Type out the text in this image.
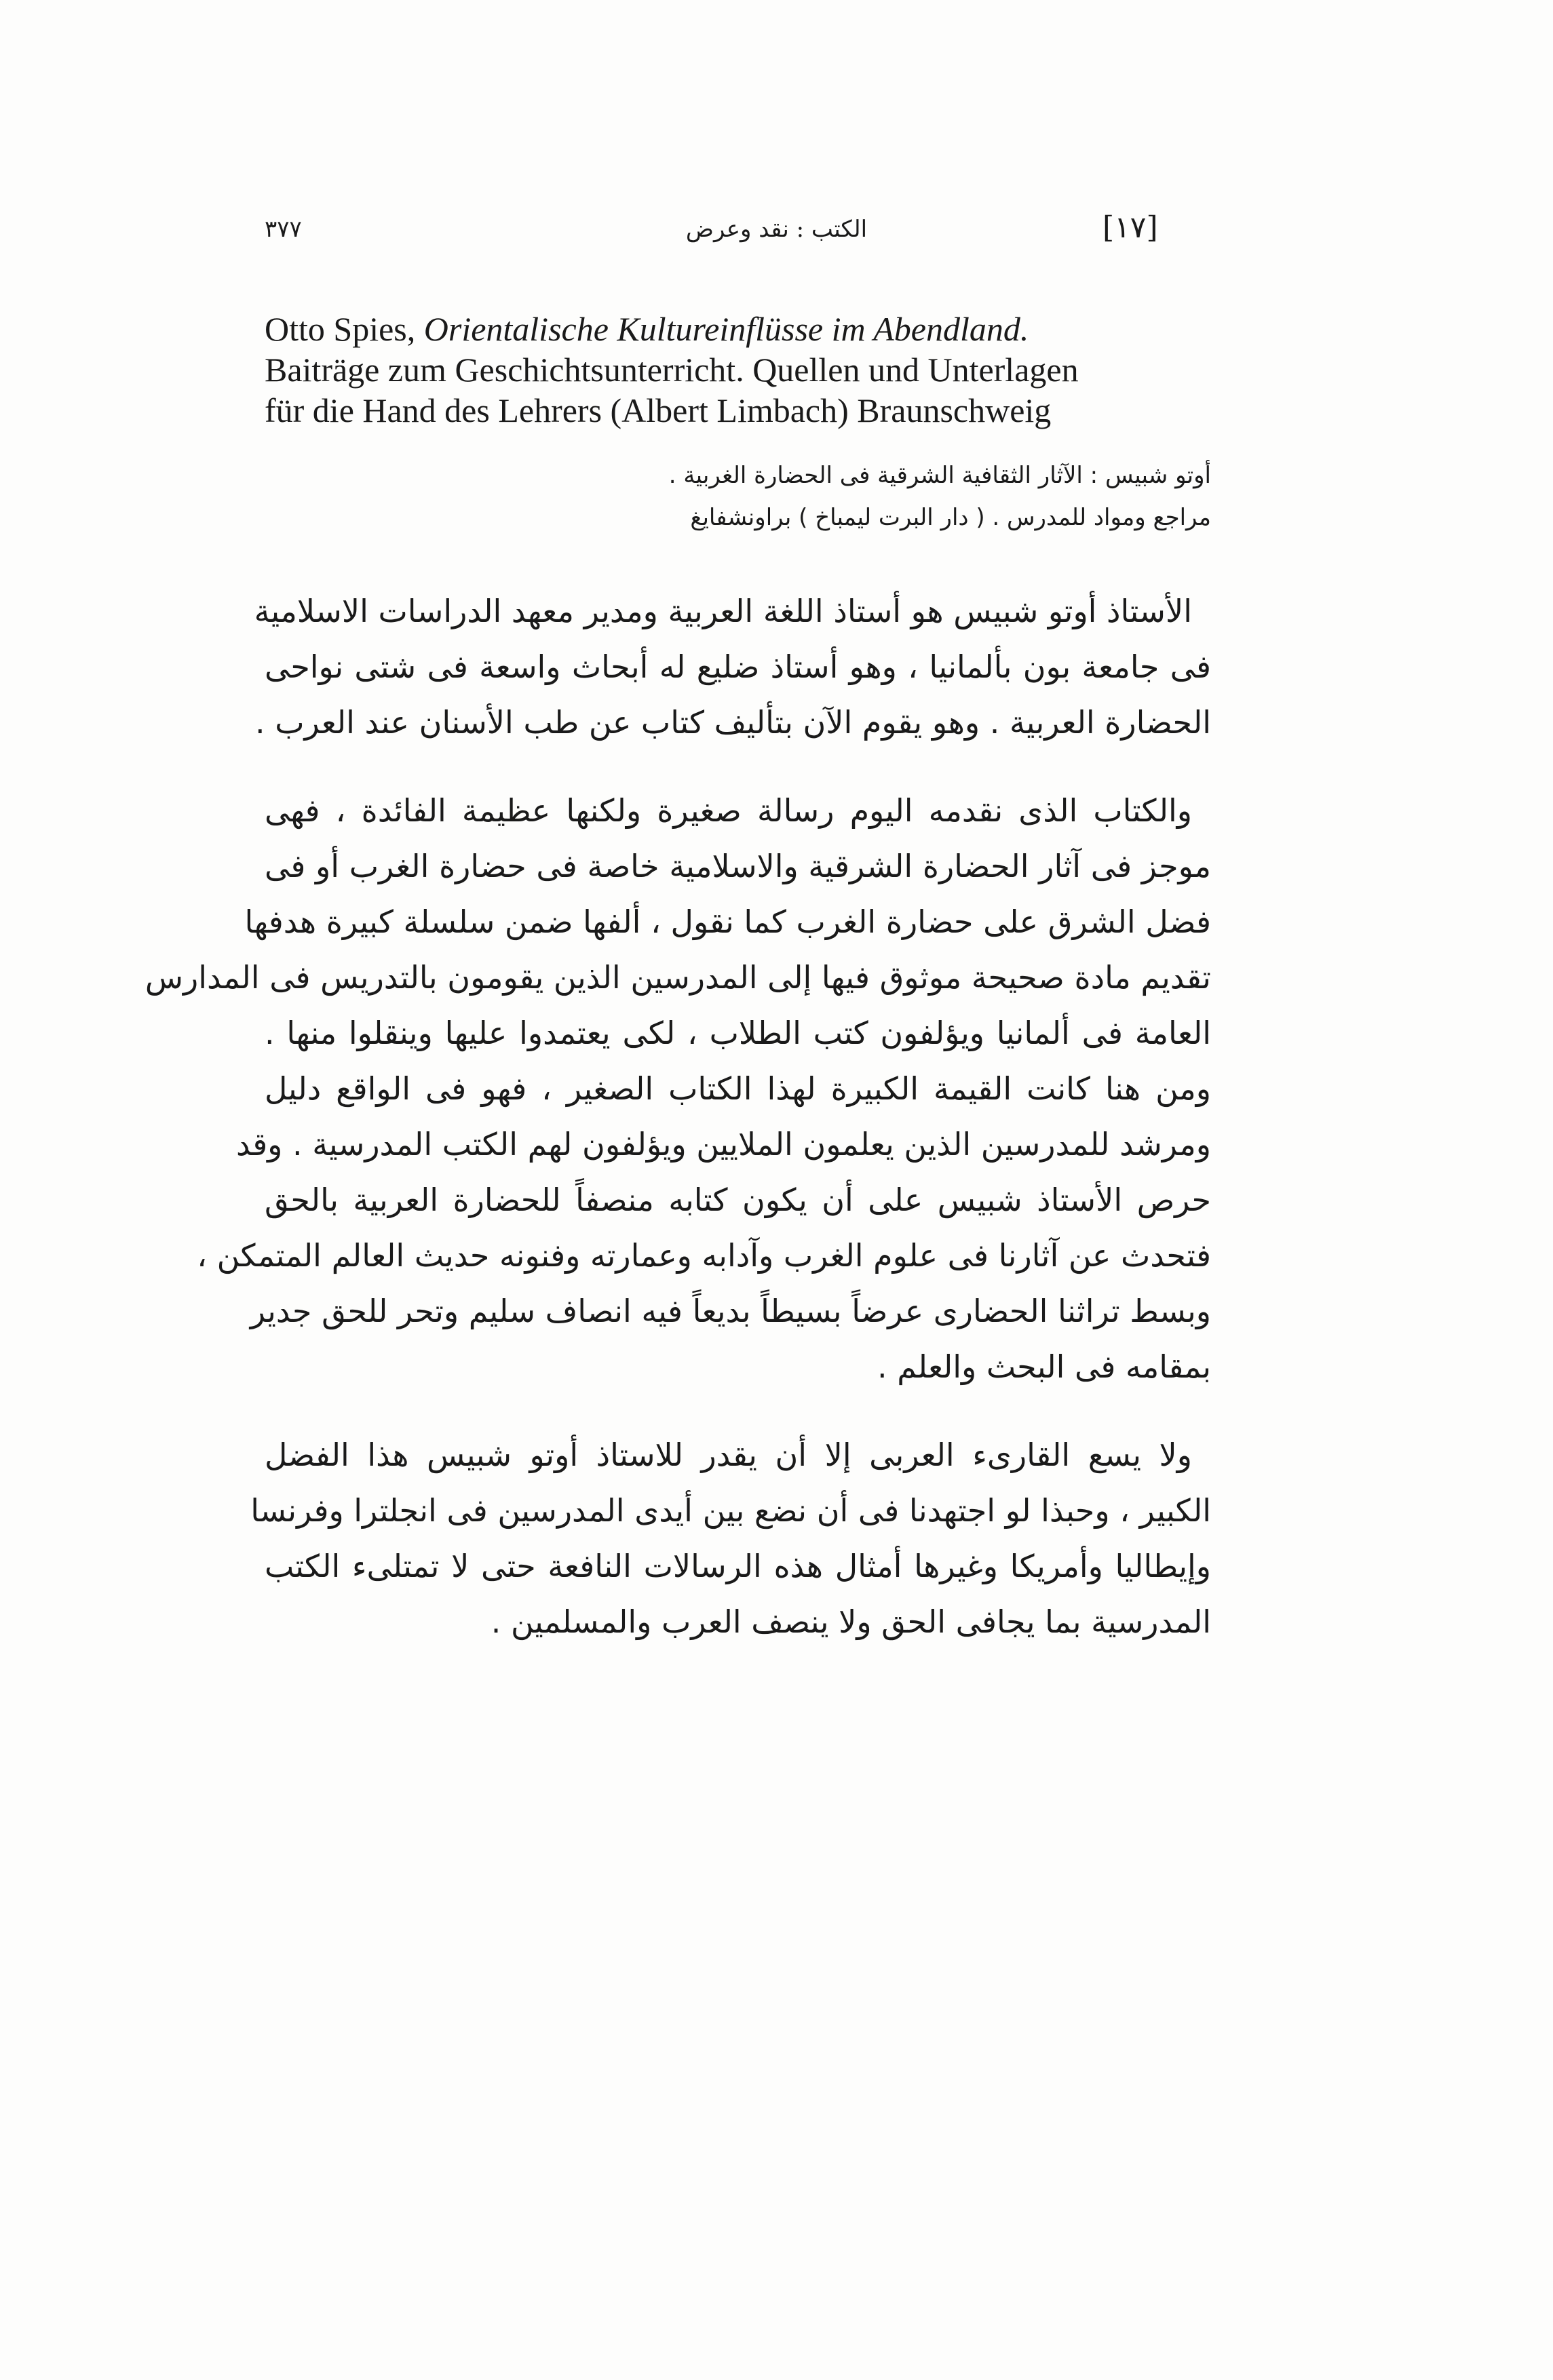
٣٧٧	الكتب : نقد وعرض	[١٧]
Otto Spies, Orientalische Kultureinflüsse im Abendland.
Baiträge zum Geschichtsunterricht. Quellen und Unterlagen
für die Hand des Lehrers (Albert Limbach) Braunschweig
أوتو شبيس : الآثار الثقافية الشرقية فى الحضارة الغربية .
مراجع ومواد للمدرس . ( دار البرت ليمباخ ) براونشفايغ
الأستاذ أوتو شبيس هو أستاذ اللغة العربية ومدير معهد الدراسات الاسلامية
فى جامعة بون بألمانيا ، وهو أستاذ ضليع له أبحاث واسعة فى شتى نواحى
الحضارة العربية . وهو يقوم الآن بتأليف كتاب عن طب الأسنان عند العرب .
والكتاب الذى نقدمه اليوم رسالة صغيرة ولكنها عظيمة الفائدة ، فهى
موجز فى آثار الحضارة الشرقية والاسلامية خاصة فى حضارة الغرب أو فى
فضل الشرق على حضارة الغرب كما نقول ، ألفها ضمن سلسلة كبيرة هدفها
تقديم مادة صحيحة موثوق فيها إلى المدرسين الذين يقومون بالتدريس فى المدارس
العامة فى ألمانيا ويؤلفون كتب الطلاب ، لكى يعتمدوا عليها وينقلوا منها .
ومن هنا كانت القيمة الكبيرة لهذا الكتاب الصغير ، فهو فى الواقع دليل
ومرشد للمدرسين الذين يعلمون الملايين ويؤلفون لهم الكتب المدرسية . وقد
حرص الأستاذ شبيس على أن يكون كتابه منصفاً للحضارة العربية بالحق
فتحدث عن آثارنا فى علوم الغرب وآدابه وعمارته وفنونه حديث العالم المتمكن ،
وبسط تراثنا الحضارى عرضاً بسيطاً بديعاً فيه انصاف سليم وتحر للحق جدير
بمقامه فى البحث والعلم .
ولا يسع القارىء العربى إلا أن يقدر للاستاذ أوتو شبيس هذا الفضل
الكبير ، وحبذا لو اجتهدنا فى أن نضع بين أيدى المدرسين فى انجلترا وفرنسا
وإيطاليا وأمريكا وغيرها أمثال هذه الرسالات النافعة حتى لا تمتلىء الكتب
المدرسية بما يجافى الحق ولا ينصف العرب والمسلمين .
